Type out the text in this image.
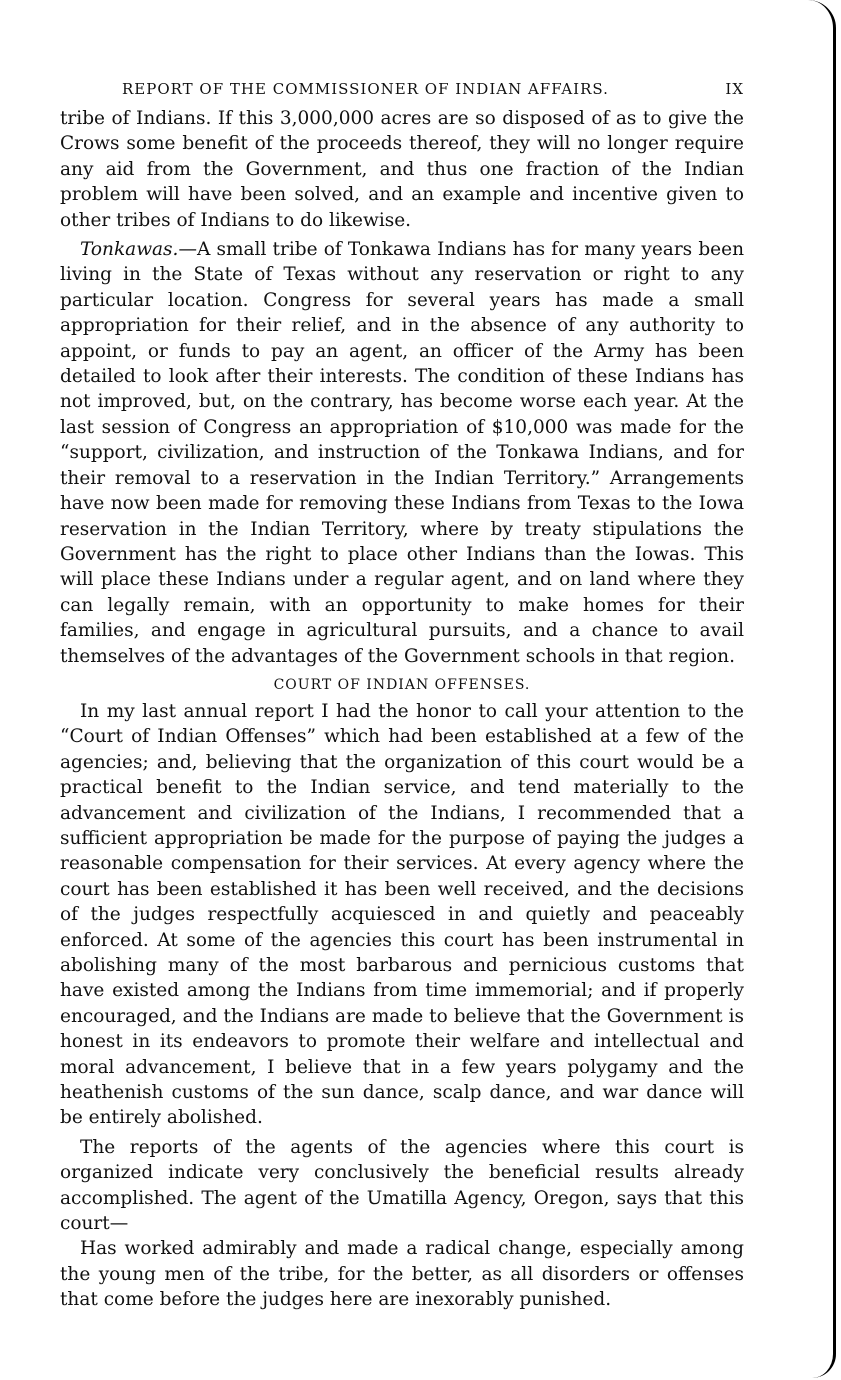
REPORT OF THE COMMISSIONER OF INDIAN AFFAIRS.	IX

tribe of Indians. If this 3,000,000 acres are so disposed of as to give the Crows some benefit of the proceeds thereof, they will no longer require any aid from the Government, and thus one fraction of the Indian problem will have been solved, and an example and incentive given to other tribes of Indians to do likewise.

Tonkawas.—A small tribe of Tonkawa Indians has for many years been living in the State of Texas without any reservation or right to any particular location. Congress for several years has made a small appropriation for their relief, and in the absence of any authority to appoint, or funds to pay an agent, an officer of the Army has been detailed to look after their interests. The condition of these Indians has not improved, but, on the contrary, has become worse each year. At the last session of Congress an appropriation of $10,000 was made for the “support, civilization, and instruction of the Tonkawa Indians, and for their removal to a reservation in the Indian Territory.” Arrangements have now been made for removing these Indians from Texas to the Iowa reservation in the Indian Territory, where by treaty stipulations the Government has the right to place other Indians than the Iowas. This will place these Indians under a regular agent, and on land where they can legally remain, with an opportunity to make homes for their families, and engage in agricultural pursuits, and a chance to avail themselves of the advantages of the Government schools in that region.

COURT OF INDIAN OFFENSES.

In my last annual report I had the honor to call your attention to the “Court of Indian Offenses” which had been established at a few of the agencies; and, believing that the organization of this court would be a practical benefit to the Indian service, and tend materially to the advancement and civilization of the Indians, I recommended that a sufficient appropriation be made for the purpose of paying the judges a reasonable compensation for their services. At every agency where the court has been established it has been well received, and the decisions of the judges respectfully acquiesced in and quietly and peaceably enforced. At some of the agencies this court has been instrumental in abolishing many of the most barbarous and pernicious customs that have existed among the Indians from time immemorial; and if properly encouraged, and the Indians are made to believe that the Government is honest in its endeavors to promote their welfare and intellectual and moral advancement, I believe that in a few years polygamy and the heathenish customs of the sun dance, scalp dance, and war dance will be entirely abolished.

The reports of the agents of the agencies where this court is organized indicate very conclusively the beneficial results already accomplished. The agent of the Umatilla Agency, Oregon, says that this court—

Has worked admirably and made a radical change, especially among the young men of the tribe, for the better, as all disorders or offenses that come before the judges here are inexorably punished.
